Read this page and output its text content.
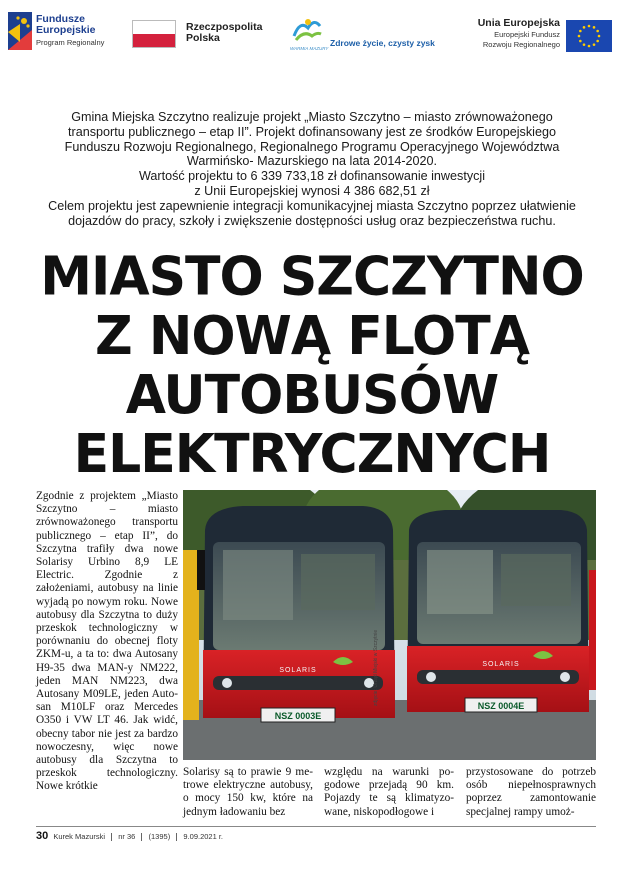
Fundusze
Europejskie
Program Regionalny
Rzeczpospolita
Polska
WARMIA MAZURY
Zdrowe życie, czysty zysk
Unia Europejska
Europejski Fundusz
Rozwoju Regionalnego

Gmina Miejska Szczytno realizuje projekt „Miasto Szczytno – miasto zrównoważonego

transportu publicznego – etap II”. Projekt dofinansowany jest ze środków Europejskiego

Funduszu Rozwoju Regionalnego, Regionalnego Programu Operacyjnego Województwa

Warmińsko- Mazurskiego na lata 2014-2020.

Wartość projektu to 6 339 733,18 zł dofinansowanie inwestycji

z Unii Europejskiej wynosi 4 386 682,51 zł

Celem projektu jest zapewnienie integracji komunikacyjnej miasta Szczytno poprzez ułatwienie

dojazdów do pracy, szkoły i zwiększenie dostępności usług oraz bezpieczeństwa ruchu.

MIASTO SZCZYTNO
Z NOWĄ FLOTĄ
AUTOBUSÓW
ELEKTRYCZNYCH

Zgodnie z projektem „Miasto Szczytno – miasto zrównoważonego transportu publicznego – etap II”, do Szczytna trafiły dwa nowe Solarisy Urbino 8,9 LE Electric. Zgodnie z założeniami, autobusy na linie wyjadą po nowym roku. Nowe autobusy dla Szczytna to duży przeskok technologiczny w porównaniu do obecnej floty ZKM-u, a ta to: dwa Autosany H9-35 dwa MAN-y NM222, jeden MAN NM223, dwa Autosany M09LE, jeden Autosan M10LF oraz Mercedes O350 i VW LT 46. Jak widć, obecny tabor nie jest za bardzo nowoczesny, więc nowe autobusy dla Szczytna to przeskok technologiczny. Nowe krótkie

NSZ 0003E
SOLARIS
NSZ 0004E
SOLARIS
zdjęcie: Urząd Miejski w Szczytnie

Solarisy są to prawie 9 metrowe elektryczne autobusy, o mocy 150 kw, które na jednym ładowaniu bez

względu na warunki pogodowe przejadą 90 km. Pojazdy te są klimatyzowane, niskopodłogowe i

przystosowane do potrzeb osób niepełnosprawnych poprzez zamontowanie specjalnej rampy umoż-

30 Kurek Mazurski nr 36 (1395) 9.09.2021 r.
